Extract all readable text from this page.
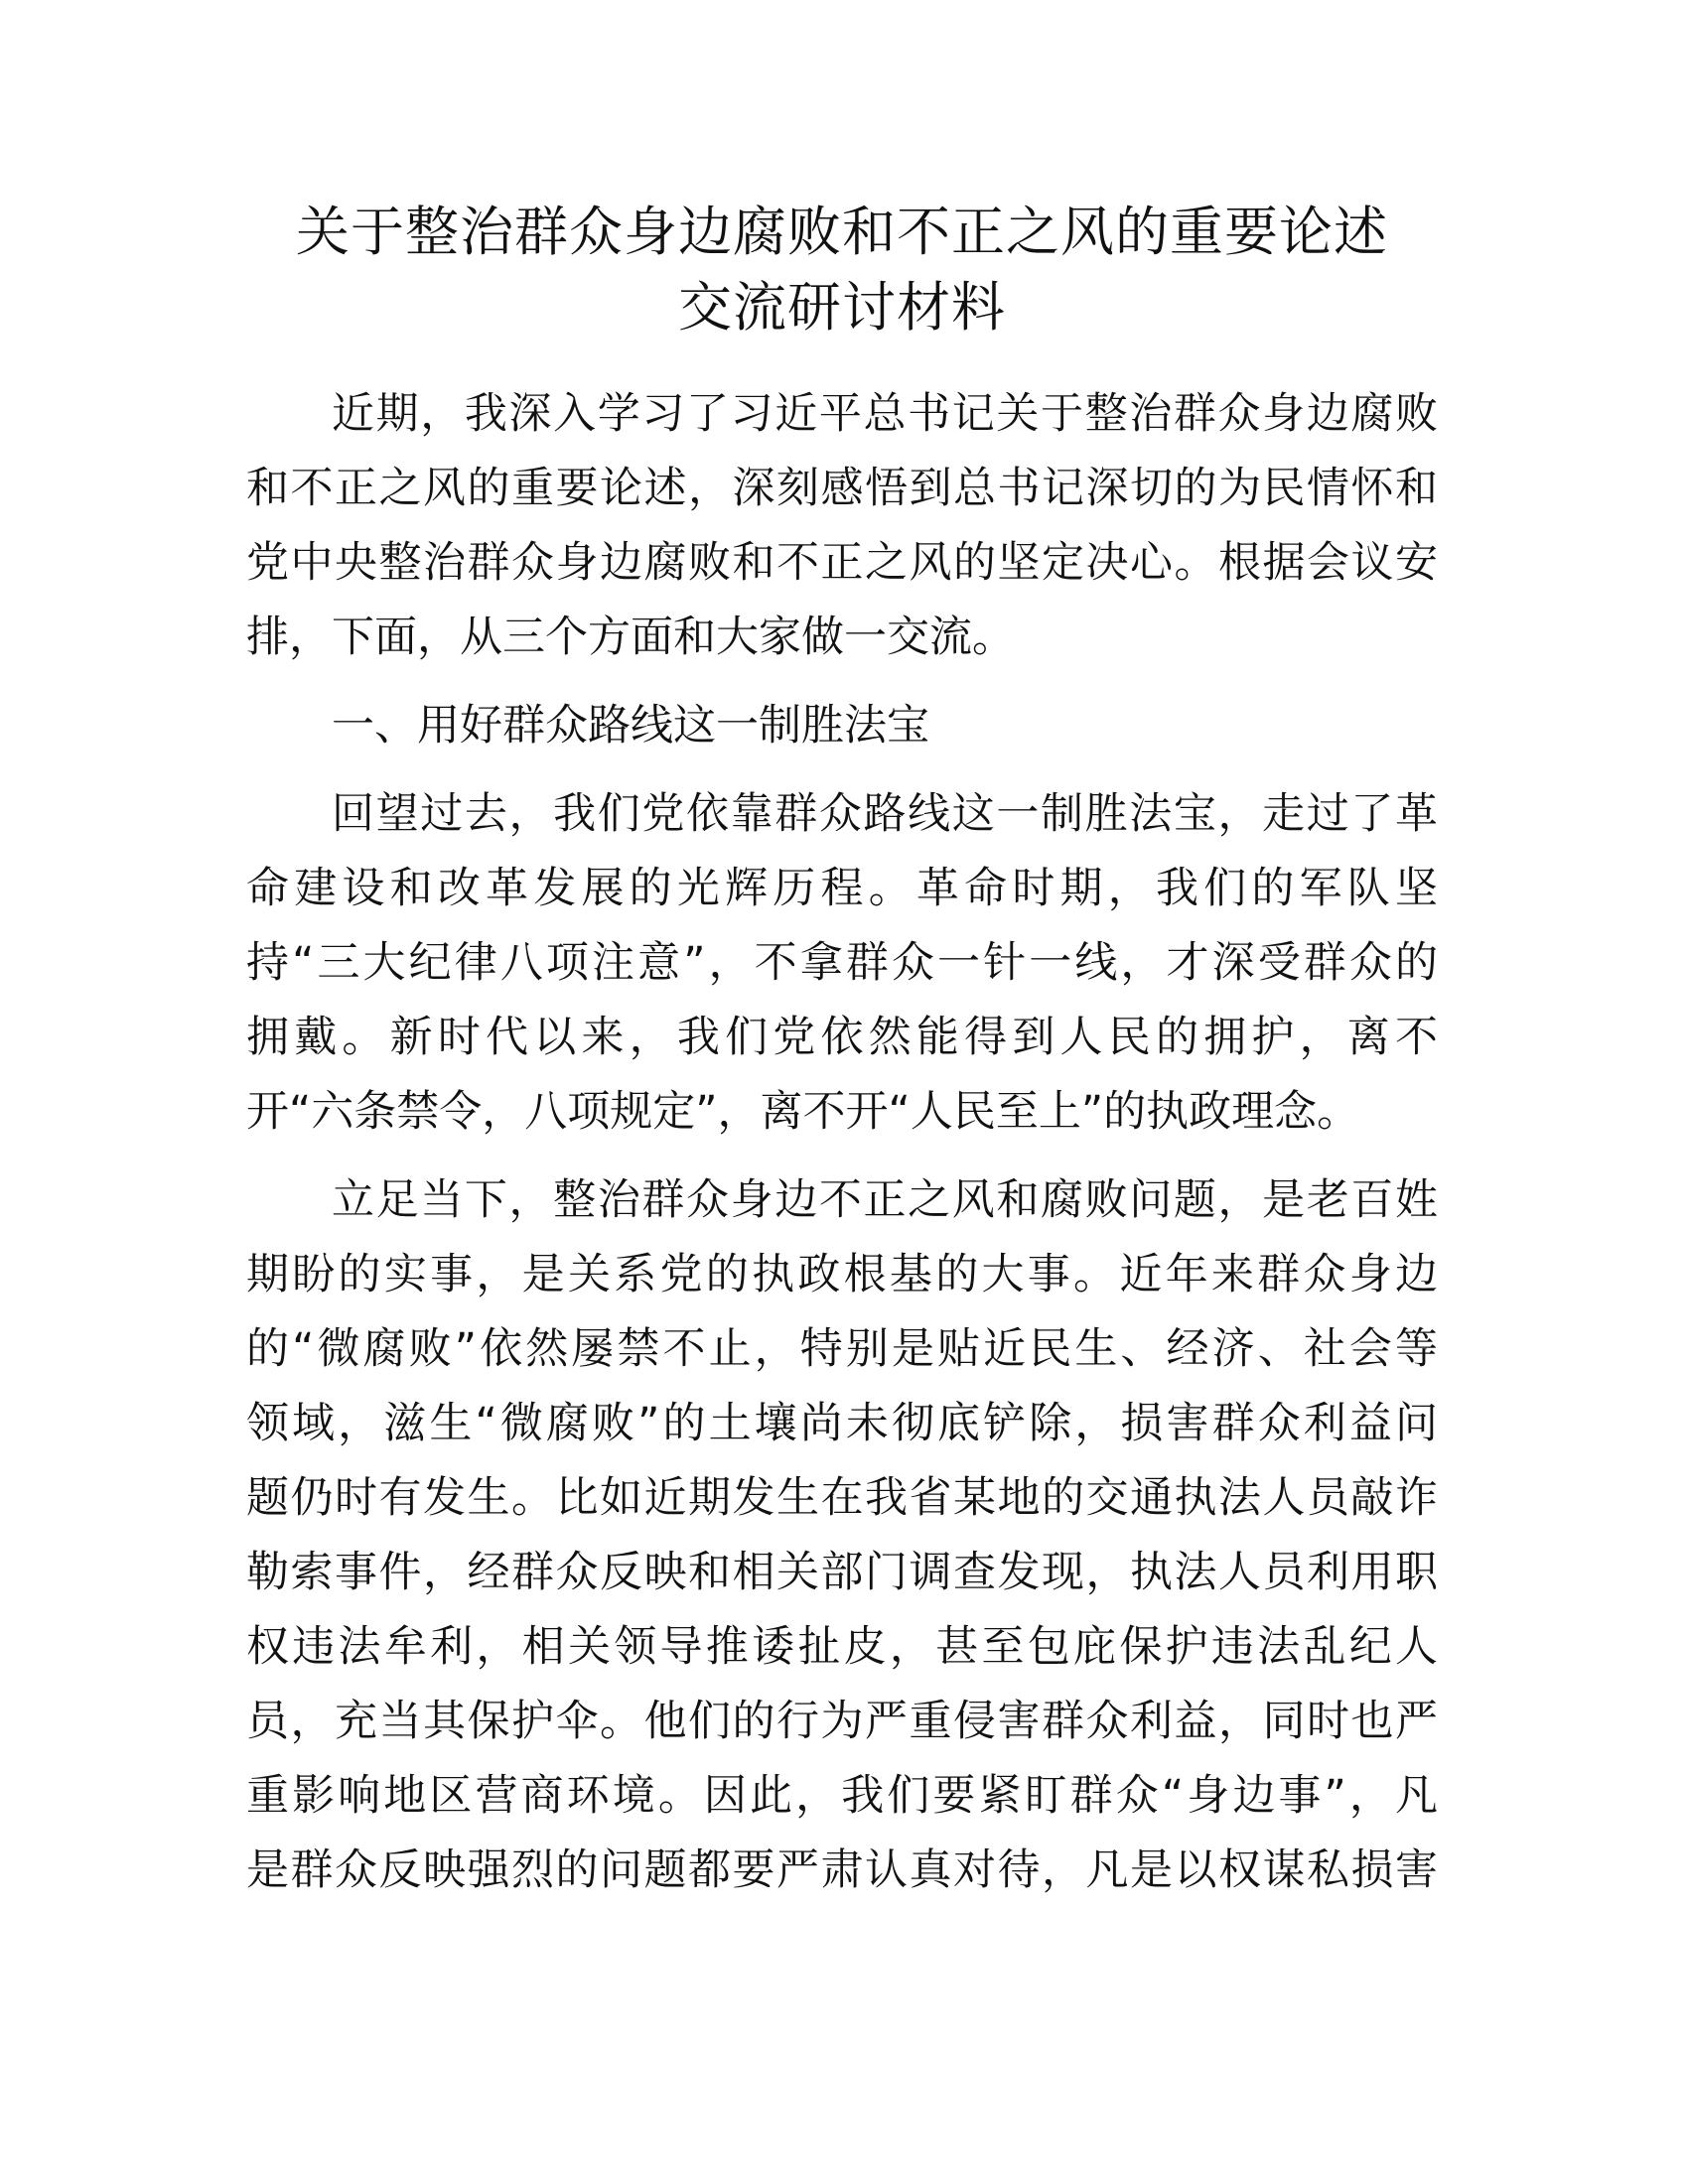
关于整治群众身边腐败和不正之风的重要论述
交流研讨材料
近期，我深入学习了习近平总书记关于整治群众身边腐败
和不正之风的重要论述，深刻感悟到总书记深切的为民情怀和
党中央整治群众身边腐败和不正之风的坚定决心。根据会议安
排，下面，从三个方面和大家做一交流。
一、用好群众路线这一制胜法宝
回望过去，我们党依靠群众路线这一制胜法宝，走过了革
命建设和改革发展的光辉历程。革命时期，我们的军队坚
持“三大纪律八项注意”，不拿群众一针一线，才深受群众的
拥戴。新时代以来，我们党依然能得到人民的拥护，离不
开“六条禁令，八项规定”，离不开“人民至上”的执政理念。
立足当下，整治群众身边不正之风和腐败问题，是老百姓
期盼的实事，是关系党的执政根基的大事。近年来群众身边
的“微腐败”依然屡禁不止，特别是贴近民生、经济、社会等
领域，滋生“微腐败”的土壤尚未彻底铲除，损害群众利益问
题仍时有发生。比如近期发生在我省某地的交通执法人员敲诈
勒索事件，经群众反映和相关部门调查发现，执法人员利用职
权违法牟利，相关领导推诿扯皮，甚至包庇保护违法乱纪人
员，充当其保护伞。他们的行为严重侵害群众利益，同时也严
重影响地区营商环境。因此，我们要紧盯群众“身边事”，凡
是群众反映强烈的问题都要严肃认真对待，凡是以权谋私损害
